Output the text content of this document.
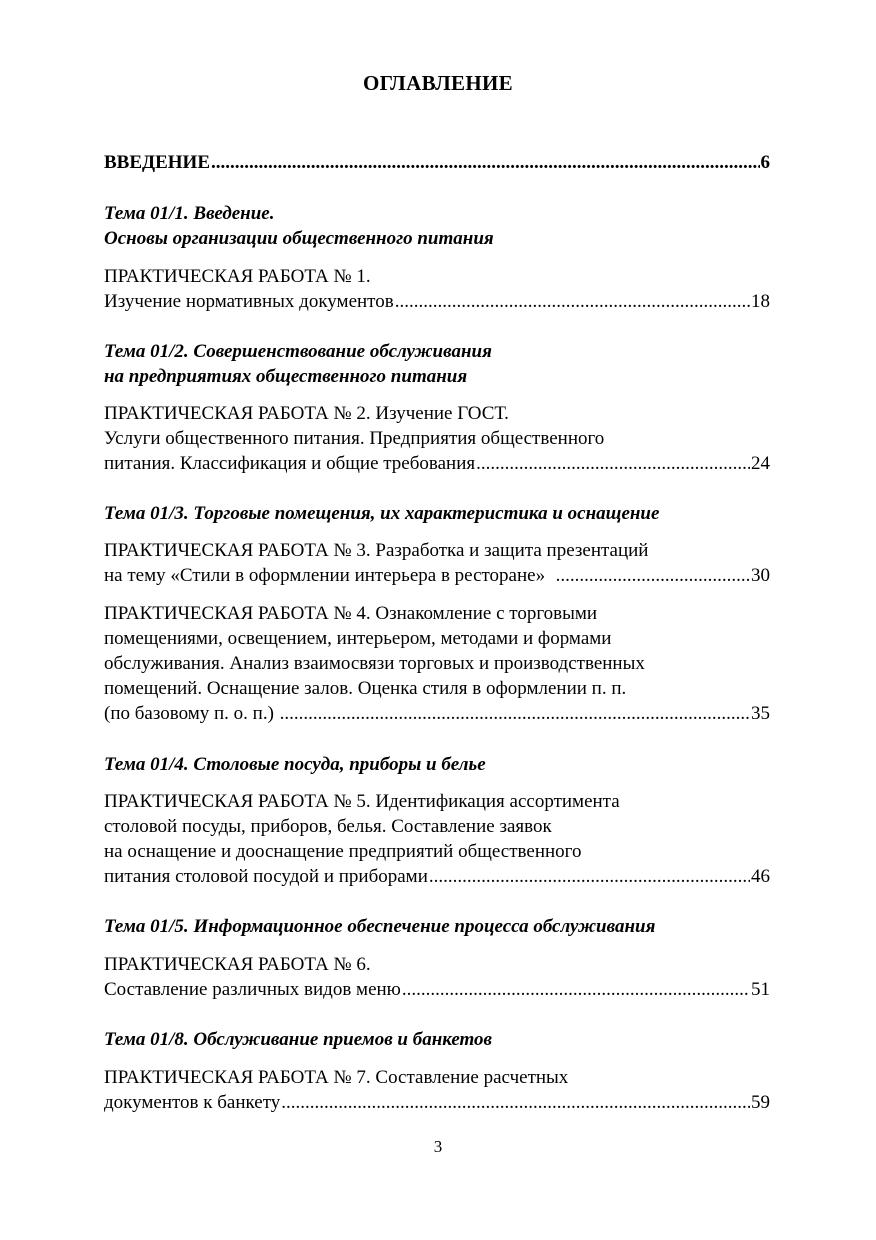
ОГЛАВЛЕНИЕ
ВВЕДЕНИЕ .....	6
Тема 01/1. Введение.
Основы организации общественного питания
ПРАКТИЧЕСКАЯ РАБОТА № 1.
Изучение нормативных документов .....	18
Тема 01/2. Совершенствование обслуживания
на предприятиях общественного питания
ПРАКТИЧЕСКАЯ РАБОТА № 2. Изучение ГОСТ.
Услуги общественного питания. Предприятия общественного
питания. Классификация и общие требования .....	24
Тема 01/3. Торговые помещения, их характеристика и оснащение
ПРАКТИЧЕСКАЯ РАБОТА № 3. Разработка и защита презентаций
на тему «Стили в оформлении интерьера в ресторане» .....	30
ПРАКТИЧЕСКАЯ РАБОТА № 4. Ознакомление с торговыми
помещениями, освещением, интерьером, методами и формами
обслуживания. Анализ взаимосвязи торговых и производственных
помещений. Оснащение залов. Оценка стиля в оформлении п. п.
(по базовому п. о. п.) .....	35
Тема 01/4. Столовые посуда, приборы и белье
ПРАКТИЧЕСКАЯ РАБОТА № 5. Идентификация ассортимента
столовой посуды, приборов, белья. Составление заявок
на оснащение и дооснащение предприятий общественного
питания столовой посудой и приборами .....	46
Тема 01/5. Информационное обеспечение процесса обслуживания
ПРАКТИЧЕСКАЯ РАБОТА № 6.
Составление различных видов меню .....	51
Тема 01/8. Обслуживание приемов и банкетов
ПРАКТИЧЕСКАЯ РАБОТА № 7. Составление расчетных
документов к банкету .....	59
3
